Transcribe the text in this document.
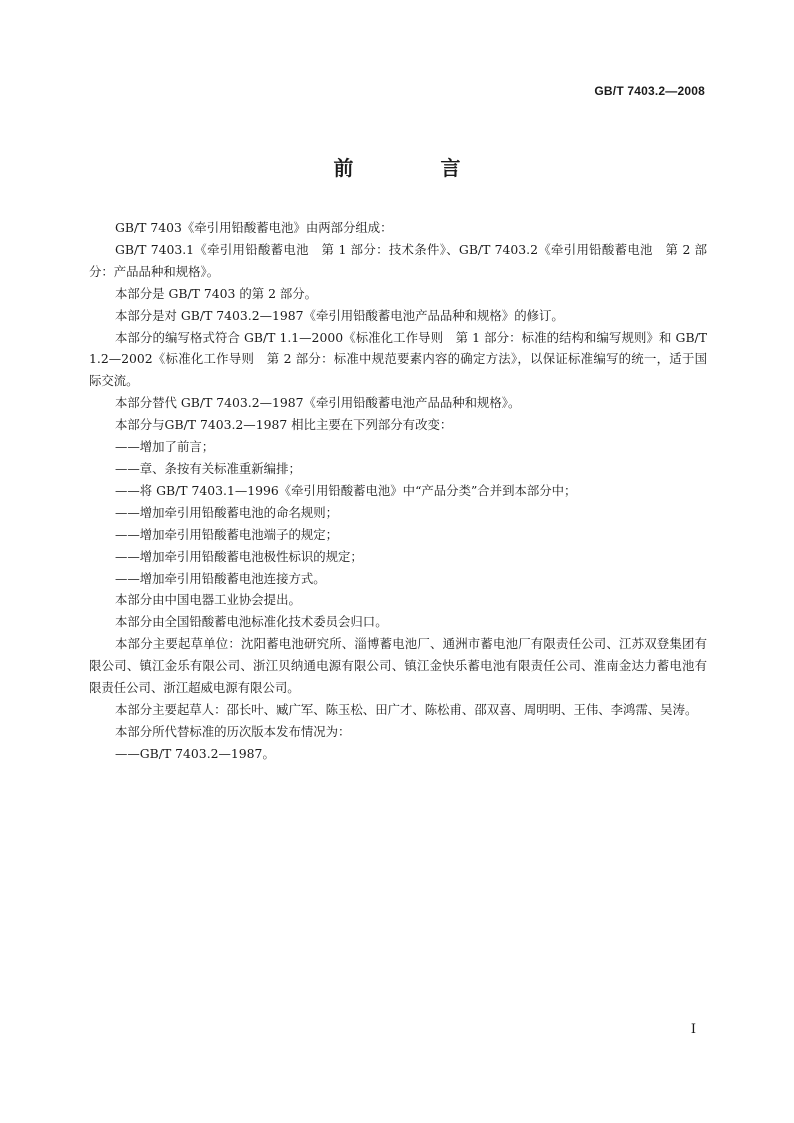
GB/T 7403.2—2008
前 言

GB/T 7403《牵引用铅酸蓄电池》由两部分组成：

GB/T 7403.1《牵引用铅酸蓄电池　第 1 部分：技术条件》、GB/T 7403.2《牵引用铅酸蓄电池　第 2 部分：产品品种和规格》。

本部分是 GB/T 7403 的第 2 部分。

本部分是对 GB/T 7403.2—1987《牵引用铅酸蓄电池产品品种和规格》的修订。

本部分的编写格式符合 GB/T 1.1—2000《标准化工作导则　第 1 部分：标准的结构和编写规则》和 GB/T 1.2—2002《标准化工作导则　第 2 部分：标准中规范要素内容的确定方法》，以保证标准编写的统一，适于国际交流。

本部分替代 GB/T 7403.2—1987《牵引用铅酸蓄电池产品品种和规格》。

本部分与GB/T 7403.2—1987 相比主要在下列部分有改变：

——增加了前言；

——章、条按有关标准重新编排；

——将 GB/T 7403.1—1996《牵引用铅酸蓄电池》中“产品分类”合并到本部分中；

——增加牵引用铅酸蓄电池的命名规则；

——增加牵引用铅酸蓄电池端子的规定；

——增加牵引用铅酸蓄电池极性标识的规定；

——增加牵引用铅酸蓄电池连接方式。

本部分由中国电器工业协会提出。

本部分由全国铅酸蓄电池标准化技术委员会归口。

本部分主要起草单位：沈阳蓄电池研究所、淄博蓄电池厂、通洲市蓄电池厂有限责任公司、江苏双登集团有限公司、镇江金乐有限公司、浙江贝纳通电源有限公司、镇江金快乐蓄电池有限责任公司、淮南金达力蓄电池有限责任公司、浙江超威电源有限公司。

本部分主要起草人：邵长叶、臧广军、陈玉松、田广才、陈松甫、邵双喜、周明明、王伟、李鸿霈、吴涛。

本部分所代替标准的历次版本发布情况为：

——GB/T 7403.2—1987。

I
